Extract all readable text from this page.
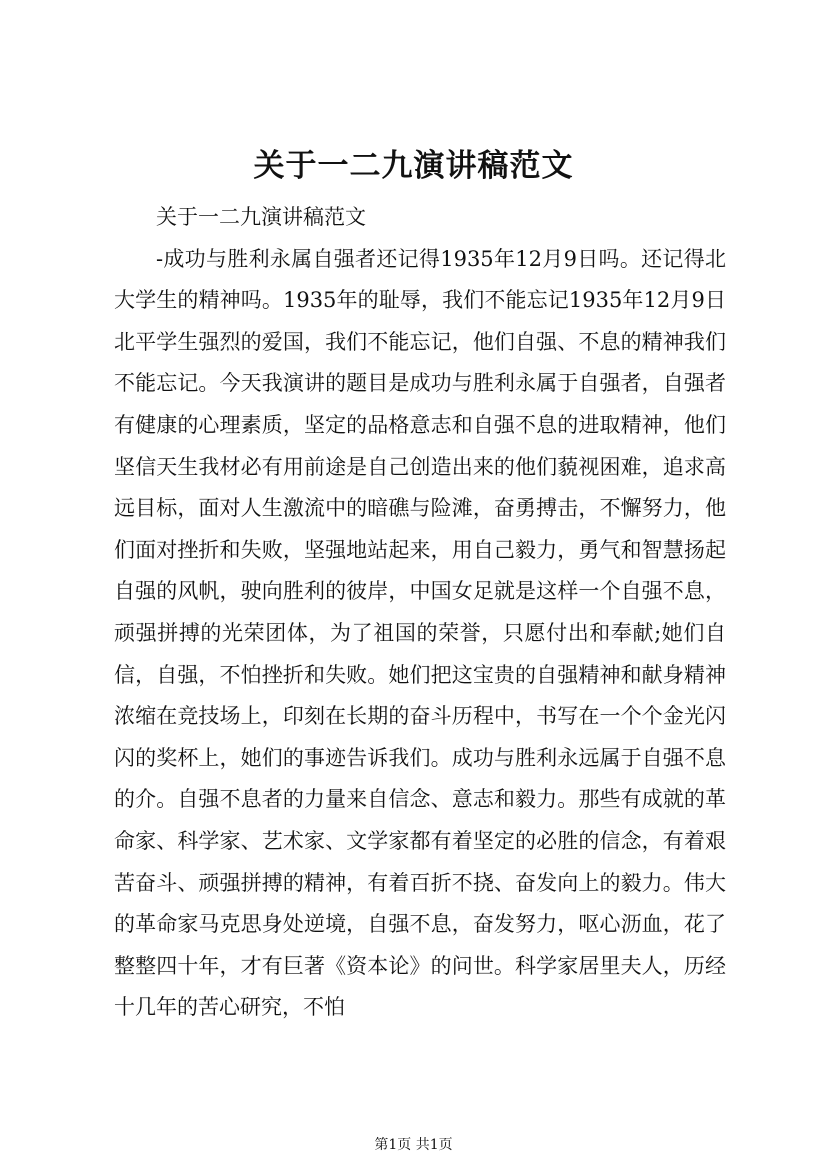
关于一二九演讲稿范文

关于一二九演讲稿范文

-成功与胜利永属自强者还记得1935年12月9日吗。还记得北大学生的精神吗。1935年的耻辱，我们不能忘记1935年12月9日北平学生强烈的爱国，我们不能忘记，他们自强、不息的精神我们不能忘记。今天我演讲的题目是成功与胜利永属于自强者，自强者有健康的心理素质，坚定的品格意志和自强不息的进取精神，他们坚信天生我材必有用前途是自己创造出来的他们藐视困难，追求高远目标，面对人生激流中的暗礁与险滩，奋勇搏击，不懈努力，他们面对挫折和失败，坚强地站起来，用自己毅力，勇气和智慧扬起自强的风帆，驶向胜利的彼岸，中国女足就是这样一个自强不息，顽强拼搏的光荣团体，为了祖国的荣誉，只愿付出和奉献;她们自信，自强，不怕挫折和失败。她们把这宝贵的自强精神和献身精神浓缩在竞技场上，印刻在长期的奋斗历程中，书写在一个个金光闪闪的奖杯上，她们的事迹告诉我们。成功与胜利永远属于自强不息的介。自强不息者的力量来自信念、意志和毅力。那些有成就的革命家、科学家、艺术家、文学家都有着坚定的必胜的信念，有着艰苦奋斗、顽强拼搏的精神，有着百折不挠、奋发向上的毅力。伟大的革命家马克思身处逆境，自强不息，奋发努力，呕心沥血，花了整整四十年，才有巨著《资本论》的问世。科学家居里夫人，历经十几年的苦心研究，不怕

第1页 共1页
